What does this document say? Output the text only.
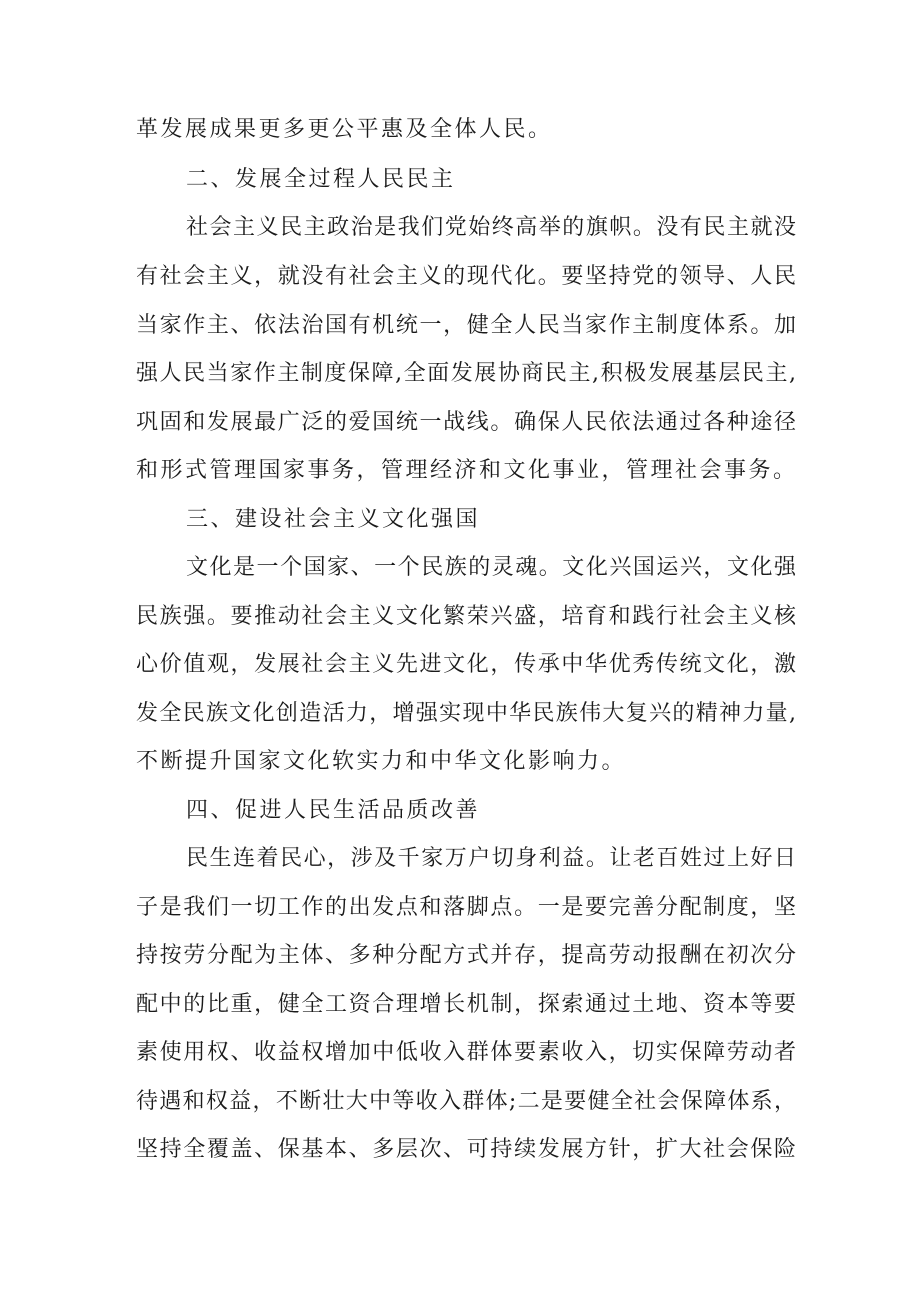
革发展成果更多更公平惠及全体人民。
二、发展全过程人民民主
社会主义民主政治是我们党始终高举的旗帜。没有民主就没
有社会主义，就没有社会主义的现代化。要坚持党的领导、人民
当家作主、依法治国有机统一，健全人民当家作主制度体系。加
强人民当家作主制度保障,全面发展协商民主,积极发展基层民主,
巩固和发展最广泛的爱国统一战线。确保人民依法通过各种途径
和形式管理国家事务，管理经济和文化事业，管理社会事务。
三、建设社会主义文化强国
文化是一个国家、一个民族的灵魂。文化兴国运兴，文化强
民族强。要推动社会主义文化繁荣兴盛，培育和践行社会主义核
心价值观，发展社会主义先进文化，传承中华优秀传统文化，激
发全民族文化创造活力，增强实现中华民族伟大复兴的精神力量,
不断提升国家文化软实力和中华文化影响力。
四、促进人民生活品质改善
民生连着民心，涉及千家万户切身利益。让老百姓过上好日
子是我们一切工作的出发点和落脚点。一是要完善分配制度，坚
持按劳分配为主体、多种分配方式并存，提高劳动报酬在初次分
配中的比重，健全工资合理增长机制，探索通过土地、资本等要
素使用权、收益权增加中低收入群体要素收入，切实保障劳动者
待遇和权益，不断壮大中等收入群体;二是要健全社会保障体系，
坚持全覆盖、保基本、多层次、可持续发展方针，扩大社会保险
